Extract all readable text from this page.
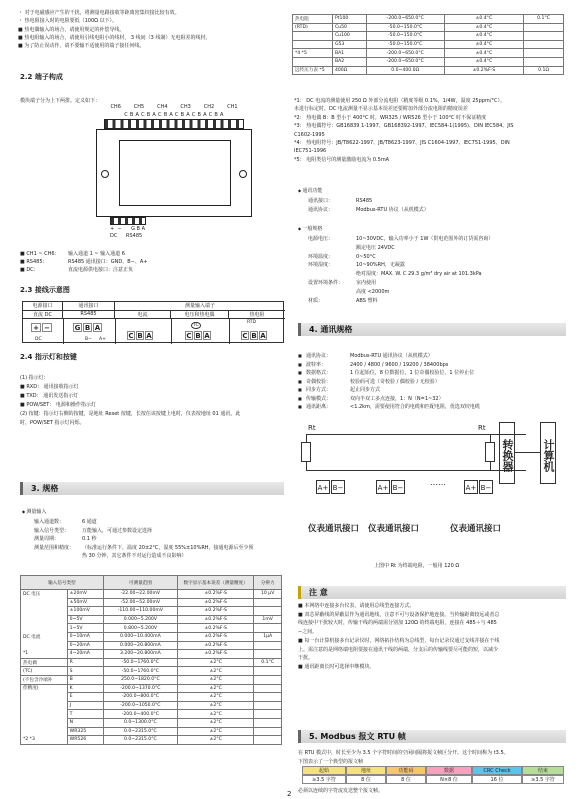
・ 对于电磁感应产生的干扰，将测量电路接收等距离密集绞接比较有效。
・ 热电阻接入时的电阻要低（100Ω 以下）。
■ 热电偶输入的场合，请使用规定的补偿导线。
■ 热电阻输入的场合，请使用引线电阻小的线材， 3 线间（3 线制）无电阻差的线材。
■ 为了防止误动作，请不要输不适使用的端子接任何线。
2.2 端子构成
模块端子分为上下两排。定义如下：
CH6	CH5	CH4	CH3	CH2	CH1
C B A C B A C B A C B A C B A C B A
+  −      G B A
DC RS485
■ CH1 ~ CH6：	输入通道 1 ~ 输入通道 6
■ RS485：	RS485 通讯接口：GND、B−、A+
■ DC：	直流电源供电接口：注意正负
2.3 接线示意图
电源接口	通讯接口	测量输入端子
直流 DC	RS485	电流	电压和热电偶	热电阻
+ −	G B A
C B A	C B A	C B A
DC	B− A+
TC
RTD
2.4 指示灯和按键
(1) 指示灯：
■ RXD： 通讯接收指示灯
■ TXD： 通讯发送指示灯
■ POW/SET： 电源和操作指示灯
(2) 按键：指示灯右侧的按键，是地址 Reset 按键，长按住该按键上电时，仪表按地址 01 通讯，此
时，POW/SET 指示灯闪烁。
3. 规格
◆ 测量输入
输入通道数：	6 通道
输入信号类型：	万能输入，可通过参数设定选择
测量周期：	0.1 秒
测量范围和精度：	（标准运行条件下，温度 20±2°C，湿度 55%±10%RH，接通电源后至少预
热 30 分钟，其它条件不对运行造成不良影响）
输入信号类型		可测量范围	数字显示基本误差（测量精度）	分辨力
DC 电压	±20mV	-22.00~22.00mV	±0.2%F·S	10 μV
	±50mV	-52.00~52.00mV	±0.2%F·S	
	±100mV	-110.00~110.00mV	±0.2%F·S	
	0~5V	0.000~5.200V	±0.2%F·S	1mV
	1~5V	0.800~5.200V	±0.2%F·S	
DC 电流	0~10mA	0.000~10.400mA	±0.2%F·S	1μA
	0~20mA	0.000~20.800mA	±0.2%F·S	
*1	4~20mA	3.200~20.800mA	±0.2%F·S	
热电偶	R	-50.0~1760.0°C	±2°C	0.1°C
(TC)	S	-50.0~1760.0°C	±2°C	
(不包含冷端补	B	250.0~1820.0°C	±2°C	
偿精度)	K	-200.0~1370.0°C	±2°C	
	E	-200.0~800.0°C	±2°C	
	J	-200.0~1050.0°C	±2°C	
	T	-200.0~400.0°C	±2°C	
	N	0.0~1300.0°C	±2°C	
	WR325	0.0~2315.0°C	±2°C	
*2 *3	WR526	0.0~2315.0°C	±2°C	
热电阻	Pt100	-200.0~650.0°C	±0.4°C	0.1°C
(RTD)	Cu50	-50.0~150.0°C	±0.4°C	
	Cu100	-50.0~150.0°C	±0.4°C	
	G53	-50.0~150.0°C	±0.4°C	
*4 *5	BA1	-200.0~650.0°C	±0.4°C	
	BA2	-200.0~650.0°C	±0.4°C	
远传压力表 *5	400Ω	0.0~400.0Ω	±0.2%F·S	0.1Ω
*1： DC 电流的测量使用 250 Ω 外部分流电阻（精度等级 0.1%，1/4W，温度 25ppm/°C）。
未进行标定时，DC 电流测量不显示基本误差还要附加外部分流电阻的精度误差
*2： 热电偶 B：B 型小于 400°C 时，WR325 / WR526 型小于 100°C 时不保证精度
*3： 热电偶符号：GB16839 1-1997、GB168392-1997、IEC584-1(1995)、DIN IEC584、JIS
C1602-1995
*4： 热电阻符号：JB/T8622-1997、JB/T8623-1997、JIS C1604-1997、IEC751-1995、DIN
IEC751-1996
*5： 电阻类信号的测量激励电流为 0.5mA
◆ 通讯功能
通讯接口：	RS485
通讯协议：	Modbus-RTU 协议（从机模式）
◆ 一般规格
电源电压：	10~30VDC，输入功率小于 1W（供电范围外的订货需咨询）
额定电压 24VDC
环境温度：	0~50°C
环境湿度：	10~90%RH，无凝露
绝对湿度：MAX. W. C 29.3 g/m³ dry air at 101.3kPa
设置环境条件：	室内使用
高度 <2000m
材质：	ABS 塑料
4. 通讯规格
■
通讯协议：	Modbus-RTU 通讯协议（从机模式）
■
波特率：	2400 / 4800 / 9600 / 19200 / 38400bps
■
数据格式：	1 位起始位，8 位数据位，1 位奇偶校验位，1 位停止位
■
奇偶校验：	校验码可选（奇校验 / 偶校验 / 无校验）
■
同步方式：	起止同步方式
■
传输模式：	双向半双工多点连接，1：N（N=1~32）
■
通讯距离：	<1.2km，需要使用符合的电缆和匹配电阻，优选双绞电缆
Rt	Rt
转换器	计算机
A+ B−	A+ B−	A+ B−
……
仪表通讯接口 仪表通讯接口	仪表通讯接口
上图中 Rt 为终端电阻，一般用 120 Ω
注 意
■ 本网络中连接多台仪表，请使用总线型连接方式。
■ 双芯屏蔽线的屏蔽层作为通讯地线，注意不可与设备保护地连接。当传输距离较远或者总
线连接中干扰较大时，传输干线的两端需分别加 120Ω 的终端电阻，连接在 485＋与 485
−之间。
■ 每一台计算机接多台记录仪时，网络拓扑结构为总线型，每台记录仪通过支线并接在干线
上。需注意的是网络端电阻要接在通讯干线的两端，分支后的传输线要尽可能的短，以减少
干扰。
■ 通讯距离长时可选择中继模块。
5. Modbus 报文 RTU 帧
在 RTU 模式中，时长至少为 3.5 个字符时间的空闲间隔将报文帧区分开。这个时间称为 t3.5。
下图表示了一个典型的报文帧
起始	地址	功能码	数据	CRC Check	结束
≥3.5 字符	8 位	8 位	N×8 位	16 位	≥3.5 字符
必须以连续的字符流发送整个报文帧。
2
